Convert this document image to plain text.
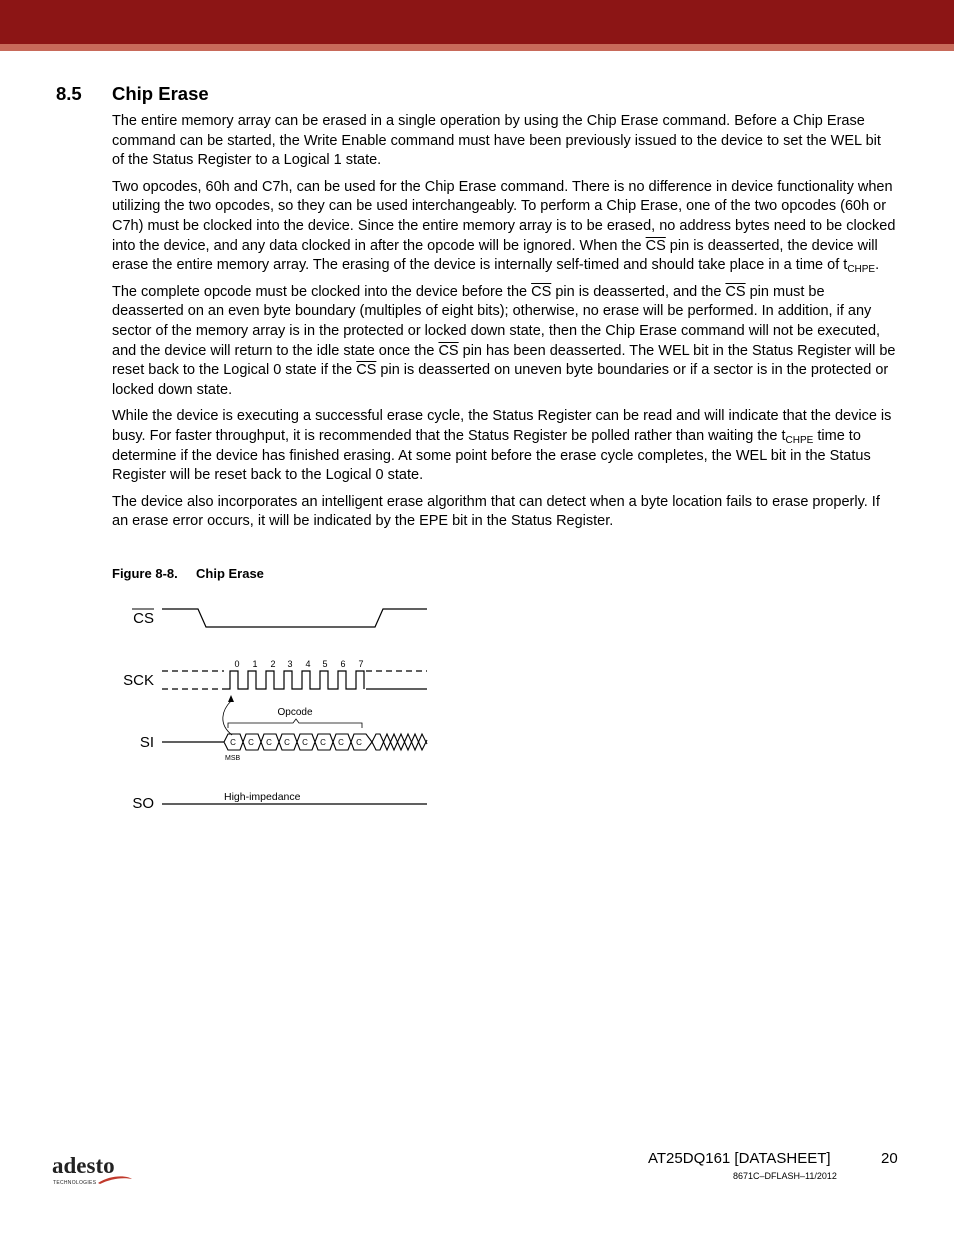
8.5 Chip Erase

The entire memory array can be erased in a single operation by using the Chip Erase command. Before a Chip Erase command can be started, the Write Enable command must have been previously issued to the device to set the WEL bit of the Status Register to a Logical 1 state.

Two opcodes, 60h and C7h, can be used for the Chip Erase command. There is no difference in device functionality when utilizing the two opcodes, so they can be used interchangeably. To perform a Chip Erase, one of the two opcodes (60h or C7h) must be clocked into the device. Since the entire memory array is to be erased, no address bytes need to be clocked into the device, and any data clocked in after the opcode will be ignored. When the $\overline{CS}$ pin is deasserted, the device will erase the entire memory array. The erasing of the device is internally self-timed and should take place in a time of $t_{CHPE}$.

The complete opcode must be clocked into the device before the $\overline{CS}$ pin is deasserted, and the $\overline{CS}$ pin must be deasserted on an even byte boundary (multiples of eight bits); otherwise, no erase will be performed. In addition, if any sector of the memory array is in the protected or locked down state, then the Chip Erase command will not be executed, and the device will return to the idle state once the $\overline{CS}$ pin has been deasserted. The WEL bit in the Status Register will be reset back to the Logical 0 state if the $\overline{CS}$ pin is deasserted on uneven byte boundaries or if a sector is in the protected or locked down state.

While the device is executing a successful erase cycle, the Status Register can be read and will indicate that the device is busy. For faster throughput, it is recommended that the Status Register be polled rather than waiting the $t_{CHPE}$ time to determine if the device has finished erasing. At some point before the erase cycle completes, the WEL bit in the Status Register will be reset back to the Logical 0 state.

The device also incorporates an intelligent erase algorithm that can detect when a byte location fails to erase properly. If an erase error occurs, it will be indicated by the EPE bit in the Status Register.

Figure 8-8. Chip Erase
CS
SCK
SI
SO
0 1 2 3 4 5 6 7
Opcode
C C C C C C C C
MSB
High-impedance
adesto
TECHNOLOGIES
AT25DQ161 [DATASHEET]	20
8671C–DFLASH–11/2012
